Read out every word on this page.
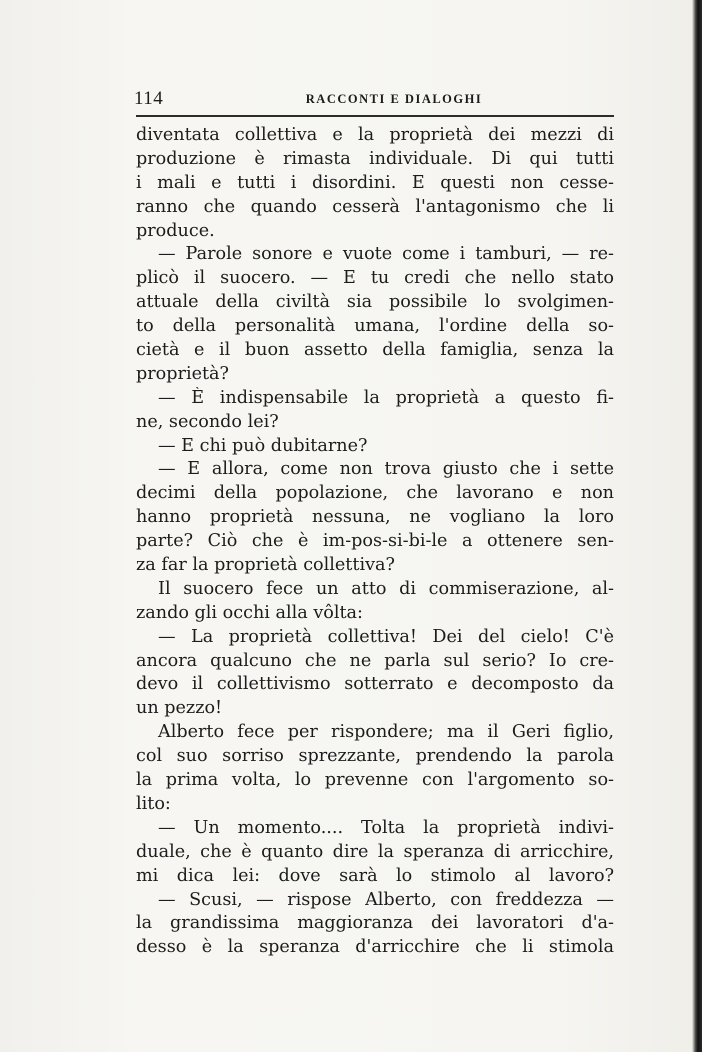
114	RACCONTI E DIALOGHI
diventata collettiva e la proprietà dei mezzi di
produzione è rimasta individuale. Di qui tutti
i mali e tutti i disordini. E questi non cesse-
ranno che quando cesserà l'antagonismo che li
produce.
— Parole sonore e vuote come i tamburi, — re-
plicò il suocero. — E tu credi che nello stato
attuale della civiltà sia possibile lo svolgimen-
to della personalità umana, l'ordine della so-
cietà e il buon assetto della famiglia, senza la
proprietà?
— È indispensabile la proprietà a questo fi-
ne, secondo lei?
— E chi può dubitarne?
— E allora, come non trova giusto che i sette
decimi della popolazione, che lavorano e non
hanno proprietà nessuna, ne vogliano la loro
parte? Ciò che è im-pos-si-bi-le a ottenere sen-
za far la proprietà collettiva?
Il suocero fece un atto di commiserazione, al-
zando gli occhi alla vôlta:
— La proprietà collettiva! Dei del cielo! C'è
ancora qualcuno che ne parla sul serio? Io cre-
devo il collettivismo sotterrato e decomposto da
un pezzo!
Alberto fece per rispondere; ma il Geri figlio,
col suo sorriso sprezzante, prendendo la parola
la prima volta, lo prevenne con l'argomento so-
lito:
— Un momento.... Tolta la proprietà indivi-
duale, che è quanto dire la speranza di arricchire,
mi dica lei: dove sarà lo stimolo al lavoro?
— Scusi, — rispose Alberto, con freddezza —
la grandissima maggioranza dei lavoratori d'a-
desso è la speranza d'arricchire che li stimola
